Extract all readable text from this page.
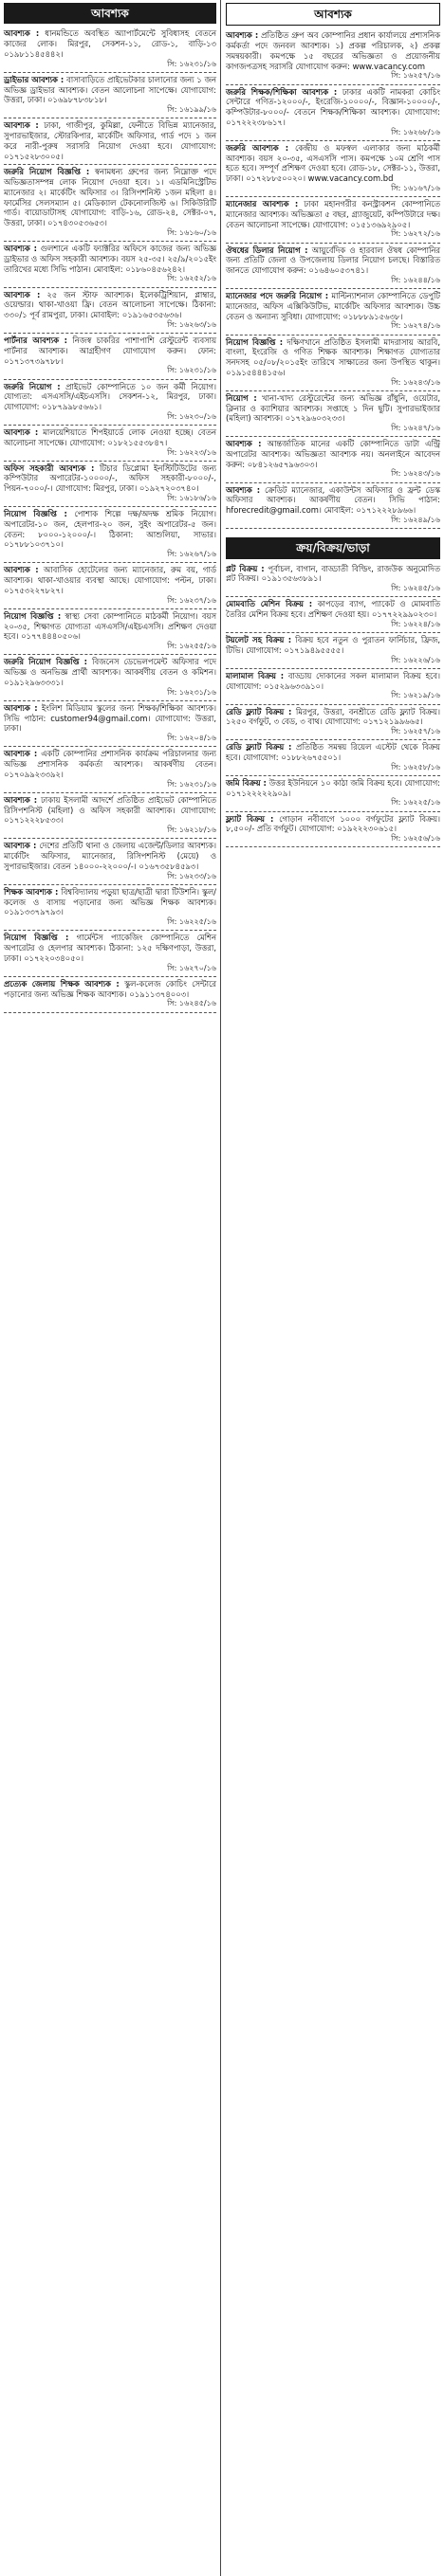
আবশ্যক
আবশ্যক : ধানমন্ডিতে অবস্থিত অ্যাপার্টমেন্টে সুবিধাসহ বেতনে কাজের লোক। মিরপুর, সেকশন-১১, রোড-১, বাড়ি-১৩ ০১৯৮১১৪৫৪৪২।
সি: ১৬২৩১/১৬
ড্রাইভার আবশ্যক : বাসাবাড়িতে প্রাইভেটকার চালানোর জন্য ১ জন অভিজ্ঞ ড্রাইভার আবশ্যক। বেতন আলোচনা সাপেক্ষে। যোগাযোগ: উত্তরা, ঢাকা। ০১৬৯৮৭৮৩৮১৮।
সি: ১৬১৯৯/১৬
আবশ্যক : ঢাকা, গাজীপুর, কুমিল্লা, ফেনীতে বিভিন্ন ম্যানেজার, সুপারভাইজার, স্টোরকিপার, মার্কেটিং অফিসার, গার্ড পদে ১ জন করে নারী-পুরুষ সরাসরি নিয়োগ দেওয়া হবে। যোগাযোগ: ০১৭১৫২৮৩০০৫।
জরুরি নিয়োগ বিজ্ঞপ্তি : স্বনামধন্য গ্রুপের জন্য নিম্নোক্ত পদে অভিজ্ঞতাসম্পন্ন লোক নিয়োগ দেওয়া হবে। ১। এডমিনিস্ট্রেটিভ ম্যানেজার ২। মার্কেটিং অফিসার ৩। রিসিপশনিস্ট ১জন মহিলা ৪। ফার্মেসির সেলসম্যান ৫। মেডিক্যাল টেকনোলজিস্ট ৬। সিকিউরিটি গার্ড। বায়োডাটাসহ যোগাযোগ: বাড়ি-১৬, রোড-২৪, সেক্টর-০৭, উত্তরা, ঢাকা। ০১৭৪৩০৫৩৬৫৩।
সি: ১৬১৬০/১৬
আবশ্যক : গুলশানে একটি ফ্যাক্টরির অফিসে কাজের জন্য অভিজ্ঞ ড্রাইভার ও অফিস সহকারী আবশ্যক। বয়স ২৫-৩৫। ২৫/৯/২০১৫ইং তারিখের মধ্যে সিভি পাঠান। মোবাইল: ০১৮৬০৪৫৬২৪২।
সি: ১৬২৫২/১৬
আবশ্যক : ২৫ জন স্টাফ আবশ্যক। ইলেকট্রিশিয়ান, প্লাম্বার, ওয়েল্ডার। থাকা-খাওয়া ফ্রি। বেতন আলোচনা সাপেক্ষে। ঠিকানা: ৩৩০/১ পূর্ব রামপুরা, ঢাকা। মোবাইল: ০১৯১৬৫৩৫৬৩৬।
সি: ১৬২৬৩/১৬
পার্টনার আবশ্যক : নিজস্ব চাকরির পাশাপাশি রেস্টুরেন্ট ব্যবসায় পার্টনার আবশ্যক। আগ্রহীগণ যোগাযোগ করুন। ফোন: ০১৭১৩৭৩৯৭৮৮।
সি: ১৬২৩১/১৬
জরুরি নিয়োগ : প্রাইভেট কোম্পানিতে ১০ জন কর্মী নিয়োগ। যোগ্যতা: এসএসসি/এইচএসসি। সেকশন-১২, মিরপুর, ঢাকা। যোগাযোগ: ০১৮৭৯৯৮৫৬৬১।
সি: ১৬২৩০/১৬
আবশ্যক : মালয়েশিয়াতে শিপইয়ার্ডে লোক নেওয়া হচ্ছে। বেতন আলোচনা সাপেক্ষে। যোগাযোগ: ০১৮২১৫৫৩৮৪৭।
সি: ১৬২২৩/১৬
অফিস সহকারী আবশ্যক : টিচার ডিপ্লোমা ইনস্টিটিউটের জন্য কম্পিউটার অপারেটর-১০০০০/-, অফিস সহকারী-৮০০০/-, পিয়ন-৭০০০/-। যোগাযোগ: মিরপুর, ঢাকা। ০১৯২৭২০৩৭৪০।
সি: ১৬১৮৬/১৬
নিয়োগ বিজ্ঞপ্তি : পোশাক শিল্পে দক্ষ/অদক্ষ শ্রমিক নিয়োগ। অপারেটর-১০ জন, হেলপার-২০ জন, সুইং অপারেটর-৫ জন। বেতন: ৮০০০-১২০০০/-। ঠিকানা: আশুলিয়া, সাভার। ০১৭৮৮১০৩৭১০।
সি: ১৬২৬৭/১৬
আবশ্যক : আবাসিক হোটেলের জন্য ম্যানেজার, রুম বয়, গার্ড আবশ্যক। থাকা-খাওয়ার ব্যবস্থা আছে। যোগাযোগ: পল্টন, ঢাকা। ০১৭৫৩২২৭৮২৭।
সি: ১৬২৩৭/১৬
নিয়োগ বিজ্ঞপ্তি : স্বাস্থ্য সেবা কোম্পানিতে মাঠকর্মী নিয়োগ। বয়স ২০-৩৫, শিক্ষাগত যোগ্যতা এসএসসি/এইচএসসি। প্রশিক্ষণ দেওয়া হবে। ০১৭৭৪৪৪০৫০৬।
সি: ১৬২৫৫/১৬
জরুরি নিয়োগ বিজ্ঞপ্তি : বিজনেস ডেভেলপমেন্ট অফিসার পদে অভিজ্ঞ ও অনভিজ্ঞ প্রার্থী আবশ্যক। আকর্ষণীয় বেতন ও কমিশন। ০১৯১২৯৬৩৩৩১।
সি: ১৬২৩১/১৬
আবশ্যক : ইংলিশ মিডিয়াম স্কুলের জন্য শিক্ষক/শিক্ষিকা আবশ্যক। সিভি পাঠান: customer94@gmail.com। যোগাযোগ: উত্তরা, ঢাকা।
সি: ১৬২০৪/১৬
আবশ্যক : একটি কোম্পানির প্রশাসনিক কার্যক্রম পরিচালনার জন্য অভিজ্ঞ প্রশাসনিক কর্মকর্তা আবশ্যক। আকর্ষণীয় বেতন। ০১৭০৯৯২৩৩৯২।
সি: ১৬২৩১/১৬
আবশ্যক : ঢাকায় ইসলামী আদর্শে প্রতিষ্ঠিত প্রাইভেট কোম্পানিতে রিসিপশনিস্ট (মহিলা) ও অফিস সহকারী আবশ্যক। যোগাযোগ: ০১৭১২২২৮৫৩৩।
সি: ১৬২১৮/১৬
আবশ্যক : দেশের প্রতিটি থানা ও জেলায় এজেন্ট/ডিলার আবশ্যক। মার্কেটিং অফিসার, ম্যানেজার, রিসিপশনিস্ট (মেয়ে) ও সুপারভাইজার। বেতন ১৪০০০-২২০০০/-। ০১৬৭৩৫৮৪৫৯৩।
সি: ১৬২৩৩/১৬
শিক্ষক আবশ্যক : বিশ্ববিদ্যালয় পড়ুয়া ছাত্র/ছাত্রী দ্বারা টিউশনি। স্কুল/কলেজ ও বাসায় পড়ানোর জন্য অভিজ্ঞ শিক্ষক আবশ্যক। ০১৯১৩৩৭৯৭৯৩।
সি: ১৬২২৫/১৬
নিয়োগ বিজ্ঞপ্তি : গার্মেন্টস প্যাকেজিং কোম্পানিতে মেশিন অপারেটর ও হেলপার আবশ্যক। ঠিকানা: ১২৫ দক্ষিণপাড়া, উত্তরা, ঢাকা। ০১৭২২০৩৪০৫০।
সি: ১৬২৭০/১৬
প্রত্যেক জেলায় শিক্ষক আবশ্যক : স্কুল-কলেজ কোচিং সেন্টারে পড়ানোর জন্য অভিজ্ঞ শিক্ষক আবশ্যক। ০১৯১১৩৭৪০০৩।
সি: ১৬২৪৫/১৬
আবশ্যক
আবশ্যক : প্রতিষ্ঠিত গ্রুপ অব কোম্পানির প্রধান কার্যালয়ে প্রশাসনিক কর্মকর্তা পদে জনবল আবশ্যক। ১) প্রকল্প পরিচালক, ২) প্রকল্প সমন্বয়কারী। কমপক্ষে ১৫ বছরের অভিজ্ঞতা ও প্রয়োজনীয় কাগজপত্রসহ সরাসরি যোগাযোগ করুন: www.vacancy.com
সি: ১৬২৫৭/১৬
জরুরি শিক্ষক/শিক্ষিকা আবশ্যক : ঢাকার একটি নামকরা কোচিং সেন্টারে গণিত-১২০০০/-, ইংরেজি-১০০০০/-, বিজ্ঞান-১০০০০/-, কম্পিউটার-৮০০০/- বেতনে শিক্ষক/শিক্ষিকা আবশ্যক। যোগাযোগ: ০১৭২২২৩৮৬১৭।
সি: ১৬২৬৮/১৬
জরুরি আবশ্যক : কেন্দ্রীয় ও মফস্বল এলাকার জন্য মাঠকর্মী আবশ্যক। বয়স ২০-৩৫, এসএসসি পাস। কমপক্ষে ১০ম শ্রেণি পাস হতে হবে। সম্পূর্ণ প্রশিক্ষণ দেওয়া হবে। রোড-১৮, সেক্টর-১১, উত্তরা, ঢাকা। ০১৭২৮৮৫০০২০। www.vacancy.com.bd
সি: ১৬১৬৭/১৬
ম্যানেজার আবশ্যক : ঢাকা মহানগরীর কনস্ট্রাকশন কোম্পানিতে ম্যানেজার আবশ্যক। অভিজ্ঞতা ৫ বছর, গ্র্যাজুয়েট, কম্পিউটারে দক্ষ। বেতন আলোচনা সাপেক্ষে। যোগাযোগ: ০১৫১৩৬৯২৯০৫।
সি: ১৬২৭২/১৬
ঔষধের ডিলার নিয়োগ : আয়ুর্বেদিক ও হারবাল ঔষধ কোম্পানির জন্য প্রতিটি জেলা ও উপজেলায় ডিলার নিয়োগ চলছে। বিস্তারিত জানতে যোগাযোগ করুন: ০১৬৪৬০৫৩৭৪১।
সি: ১৬২৪৪/১৬
ম্যানেজার পদে জরুরি নিয়োগ : মাল্টিন্যাশনাল কোম্পানিতে ডেপুটি ম্যানেজার, অফিস এক্সিকিউটিভ, মার্কেটিং অফিসার আবশ্যক। উচ্চ বেতন ও অন্যান্য সুবিধা। যোগাযোগ: ০১৮৮৮৯১৫৬৩৮।
সি: ১৬২৭৪/১৬
নিয়োগ বিজ্ঞপ্তি : দক্ষিণখানে প্রতিষ্ঠিত ইসলামী মাদরাসায় আরবি, বাংলা, ইংরেজি ও গণিত শিক্ষক আবশ্যক। শিক্ষাগত যোগ্যতার সনদসহ ০৫/০৮/২০১৫ইং তারিখে সাক্ষাতের জন্য উপস্থিত থাকুন। ০১৯১৫৪৪৪১৫৬।
সি: ১৬২৪৩/১৬
নিয়োগ : খানা-খাদ্য রেস্টুরেন্টের জন্য অভিজ্ঞ রাঁধুনি, ওয়েটার, ক্লিনার ও ক্যাশিয়ার আবশ্যক। সপ্তাহে ১ দিন ছুটি। সুপারভাইজার (মহিলা) আবশ্যক। ০১৭২৯৬০৩২৩৩।
সি: ১৬২৪৭/১৬
আবশ্যক : আন্তর্জাতিক মানের একটি কোম্পানিতে ডাটা এন্ট্রি অপারেটর আবশ্যক। অভিজ্ঞতা আবশ্যক নয়। অনলাইনে আবেদন করুন: ০৮৪১২৬৫৭৯৬৩০৩।
সি: ১৬২৪৩/১৬
আবশ্যক : ক্রেডিট ম্যানেজার, একাউন্টস অফিসার ও ফ্রন্ট ডেস্ক অফিসার আবশ্যক। আকর্ষণীয় বেতন। সিভি পাঠান: hforecredit@gmail.com। মোবাইল: ০১৭১২২২৮৯৬৬।
সি: ১৬২৪৯/১৬
ক্রয়/বিক্রয়/ভাড়া
প্লট বিক্রয় : পূর্বাচল, বাগান, বাড্ডাতী বিল্ডিং, রাজউক অনুমোদিত প্লট বিক্রয়। ০১৯১৩৫৬৩৮৯১।
সি: ১৬২৪৫/১৬
মোমবাতি মেশিন বিক্রয় : কাপড়ের ব্যাগ, প্যাকেট ও মোমবাতি তৈরির মেশিন বিক্রয় হবে। প্রশিক্ষণ দেওয়া হয়। ০১৭৭২২৯৯০২৩০।
সি: ১৬২২৪/১৬
টয়লেট সহ বিক্রয় : বিক্রয় হবে নতুন ও পুরাতন ফার্নিচার, ফ্রিজ, টিভি। যোগাযোগ: ০১৭১৯৪৯৫৫৫৫।
সি: ১৬২২৬/১৬
মালামাল বিক্রয় : বাড্ডায় দোকানের সকল মালামাল বিক্রয় হবে। যোগাযোগ: ০১৫২৯৬৩৩৯১০।
সি: ১৬২১৯/১৬
রেডি ফ্ল্যাট বিক্রয় : মিরপুর, উত্তরা, বনশ্রীতে রেডি ফ্ল্যাট বিক্রয়। ১২৫০ বর্গফুট, ৩ বেড, ৩ বাথ। যোগাযোগ: ০১৭১২১৯৯৬৬৫।
সি: ১৬২৫৭/১৬
রেডি ফ্ল্যাট বিক্রয় : প্রতিষ্ঠিত সমন্বয় রিয়েল এস্টেট থেকে বিক্রয় হবে। যোগাযোগ: ০১৮৮২৬৭৫৫০১।
সি: ১৬২৫৮/১৬
জমি বিক্রয় : উত্তর ইউনিয়নে ১০ কাঠা জমি বিক্রয় হবে। যোগাযোগ: ০১৭১২২২২২৯০৯।
সি: ১৬২২৫/১৬
ফ্ল্যাট বিক্রয় : গোড়ান নবীবাগে ১০০০ বর্গফুটের ফ্ল্যাট বিক্রয়। ৮,৫০০/- প্রতি বর্গফুট। যোগাযোগ: ০১৯২২২৩০৬১৫।
সি: ১৬২৫৬/১৬
